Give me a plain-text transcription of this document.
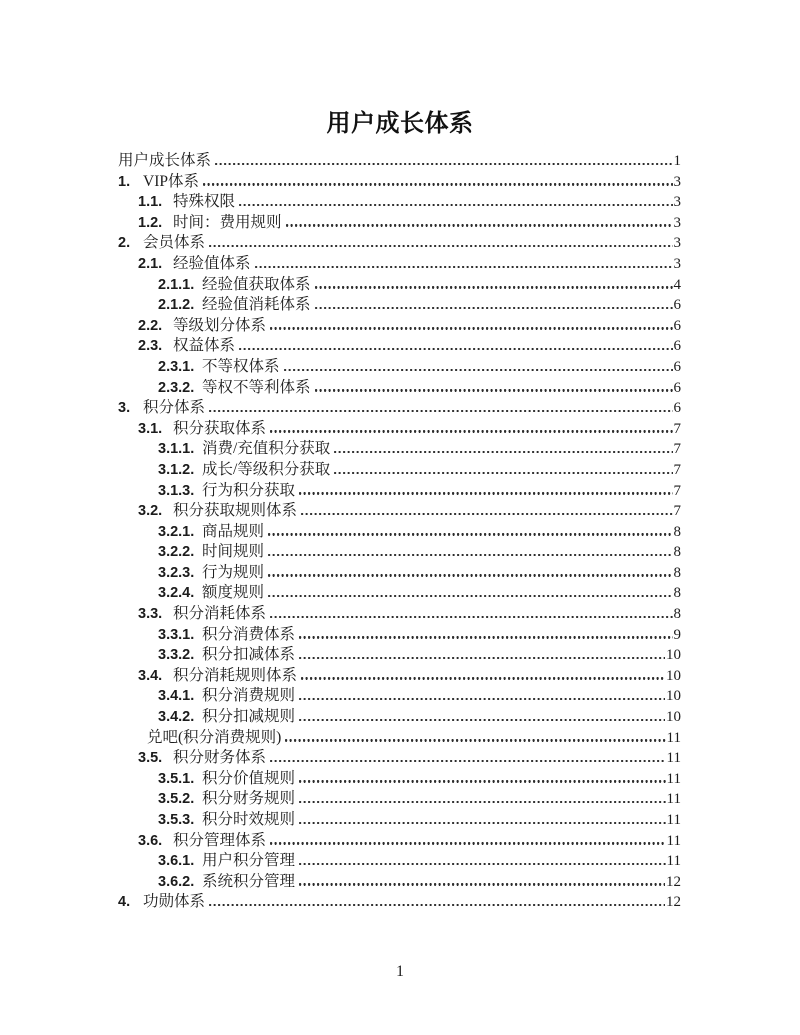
用户成长体系
用户成长体系	1
1. VIP体系	3
1.1. 特殊权限	3
1.2. 时间：费用规则	3
2. 会员体系	3
2.1. 经验值体系	3
2.1.1. 经验值获取体系	4
2.1.2. 经验值消耗体系	6
2.2. 等级划分体系	6
2.3. 权益体系	6
2.3.1. 不等权体系	6
2.3.2. 等权不等利体系	6
3. 积分体系	6
3.1. 积分获取体系	7
3.1.1. 消费/充值积分获取	7
3.1.2. 成长/等级积分获取	7
3.1.3. 行为积分获取	7
3.2. 积分获取规则体系	7
3.2.1. 商品规则	8
3.2.2. 时间规则	8
3.2.3. 行为规则	8
3.2.4. 额度规则	8
3.3. 积分消耗体系	8
3.3.1. 积分消费体系	9
3.3.2. 积分扣减体系	10
3.4. 积分消耗规则体系	10
3.4.1. 积分消费规则	10
3.4.2. 积分扣减规则	10
兑吧(积分消费规则)	11
3.5. 积分财务体系	11
3.5.1. 积分价值规则	11
3.5.2. 积分财务规则	11
3.5.3. 积分时效规则	11
3.6. 积分管理体系	11
3.6.1. 用户积分管理	11
3.6.2. 系统积分管理	12
4. 功勋体系	12
1
